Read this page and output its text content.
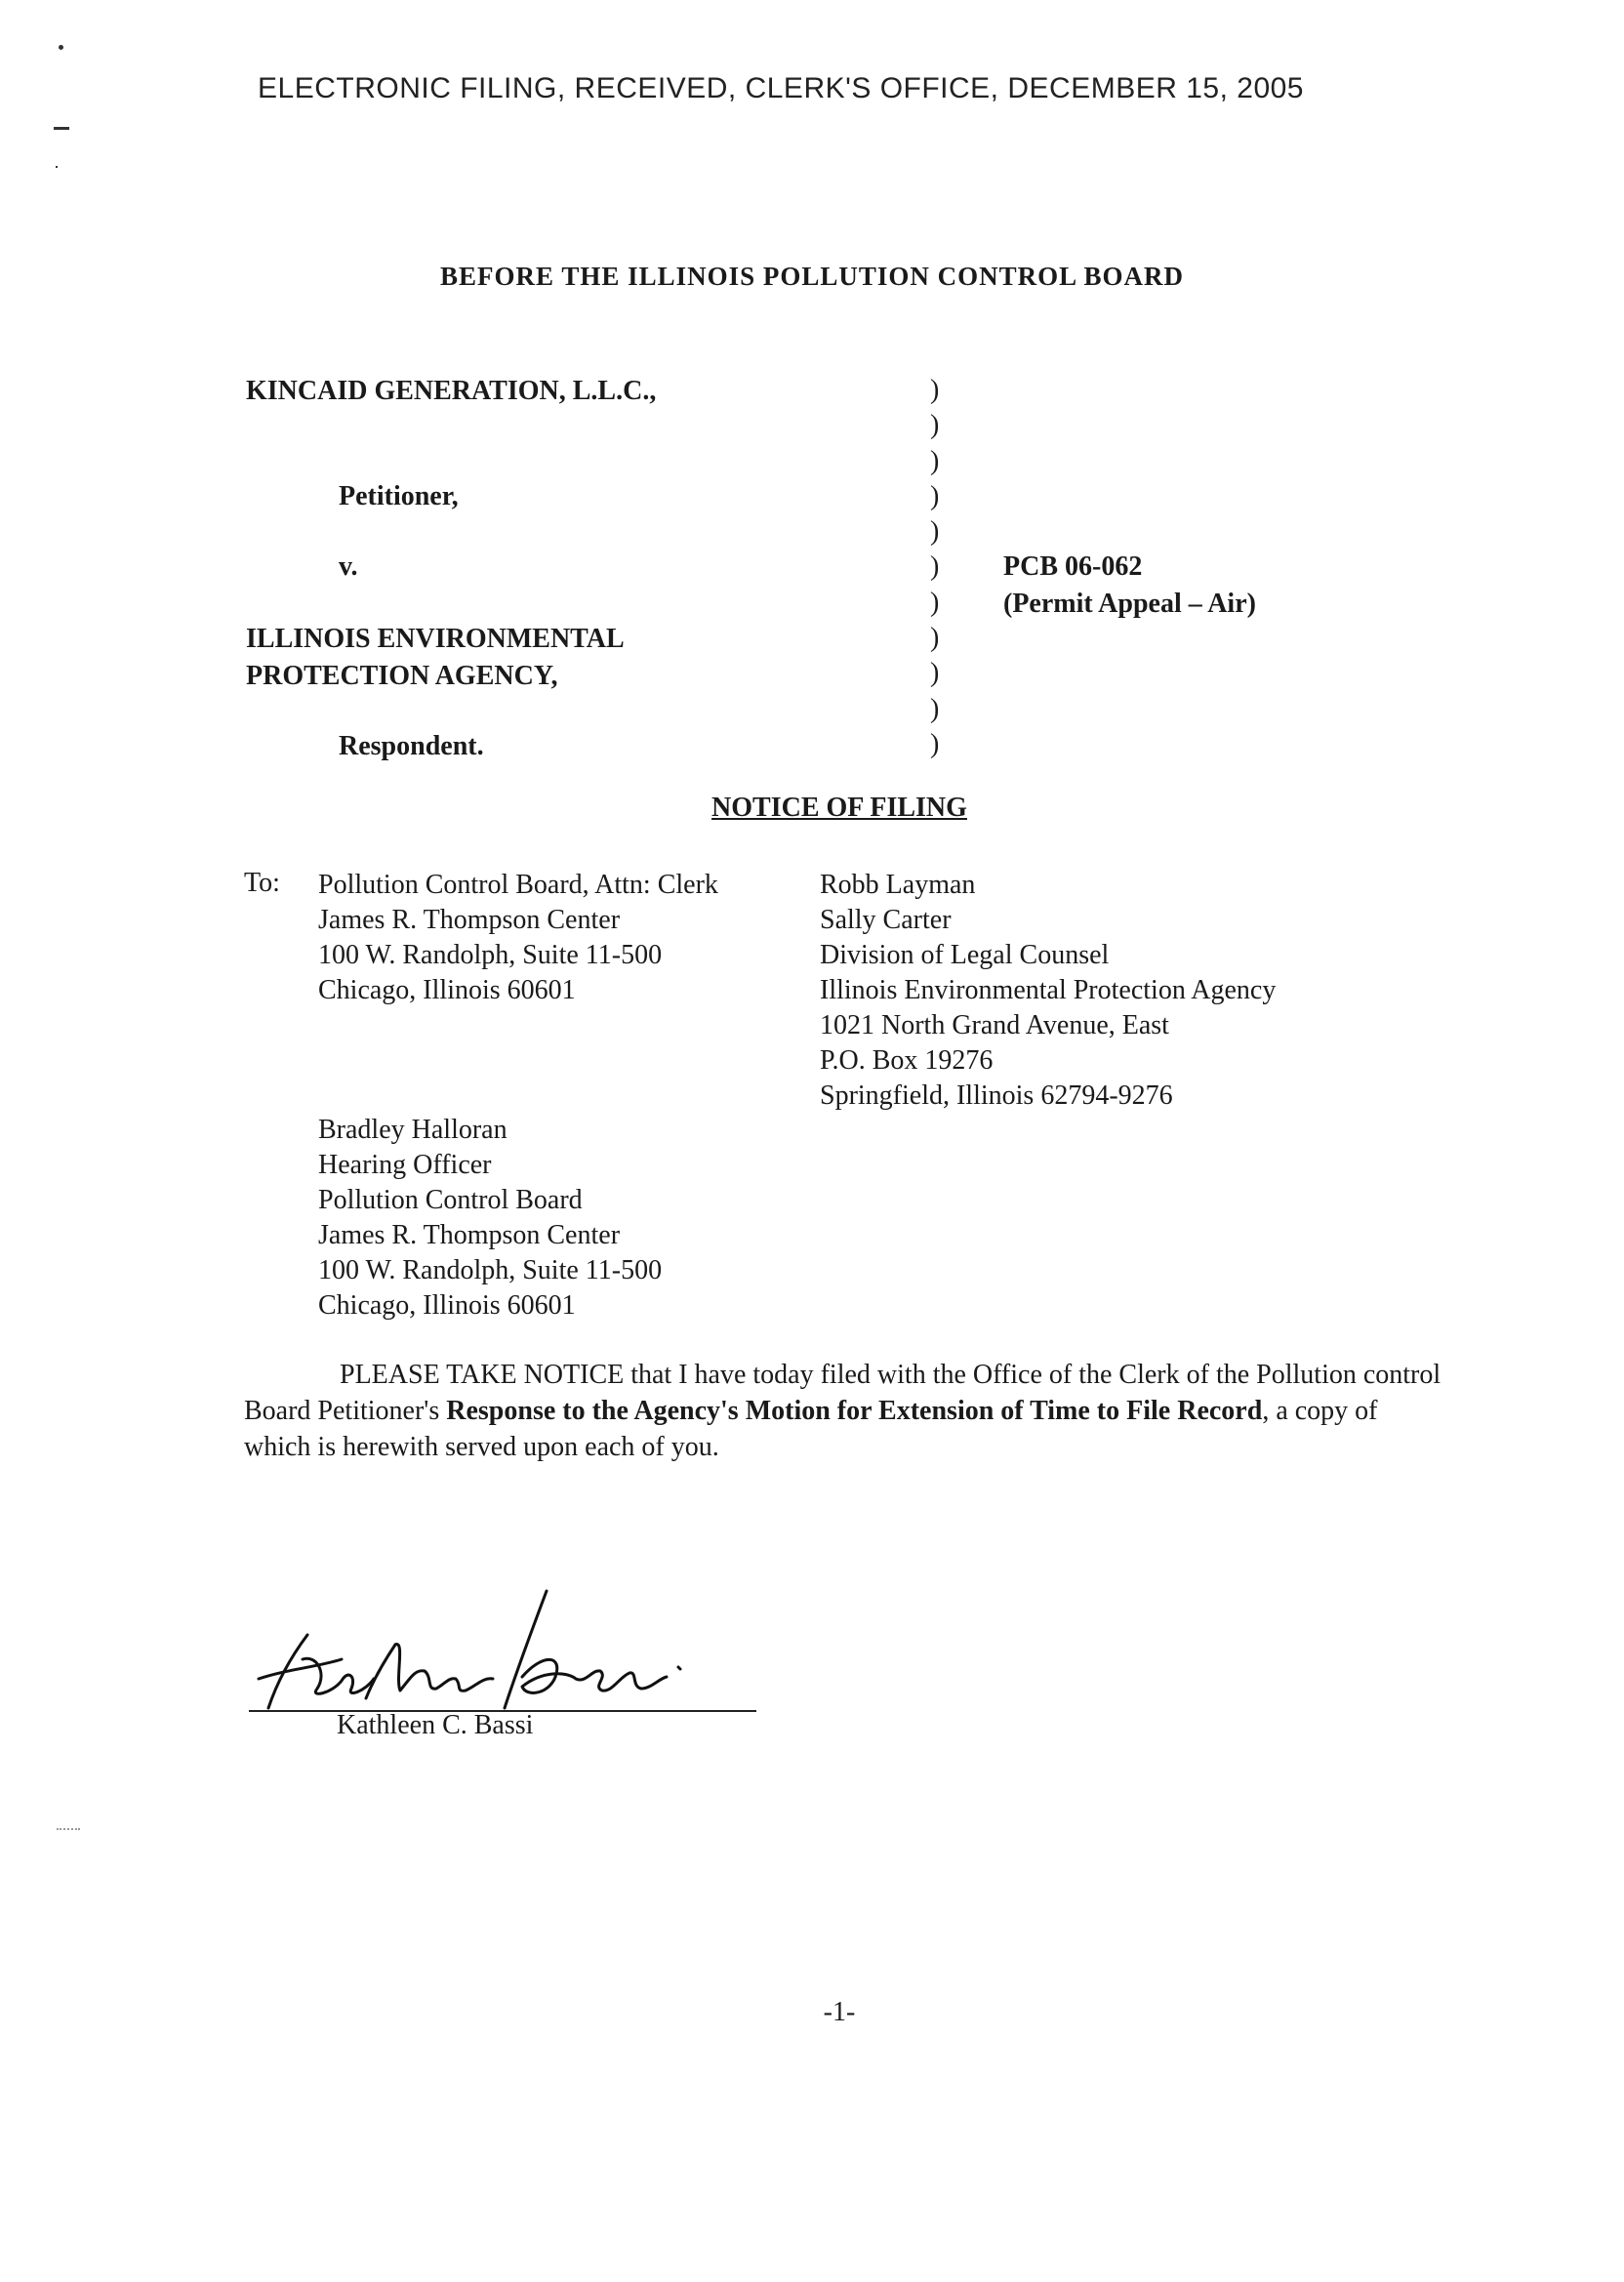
ELECTRONIC FILING, RECEIVED, CLERK'S OFFICE, DECEMBER 15, 2005
BEFORE THE ILLINOIS POLLUTION CONTROL BOARD
KINCAID GENERATION, L.L.C.,
Petitioner,
v.
ILLINOIS ENVIRONMENTAL
PROTECTION AGENCY,
Respondent.
)
)
)
)
)
)
)
)
)
)
)
PCB 06-062
(Permit Appeal – Air)
NOTICE OF FILING
To: Pollution Control Board, Attn: Clerk
James R. Thompson Center
100 W. Randolph, Suite 11-500
Chicago, Illinois 60601
Robb Layman
Sally Carter
Division of Legal Counsel
Illinois Environmental Protection Agency
1021 North Grand Avenue, East
P.O. Box 19276
Springfield, Illinois 62794-9276
Bradley Halloran
Hearing Officer
Pollution Control Board
James R. Thompson Center
100 W. Randolph, Suite 11-500
Chicago, Illinois 60601
PLEASE TAKE NOTICE that I have today filed with the Office of the Clerk of the Pollution control Board Petitioner's Response to the Agency's Motion for Extension of Time to File Record, a copy of which is herewith served upon each of you.
Kathleen Bassi
Kathleen C. Bassi
-1-
